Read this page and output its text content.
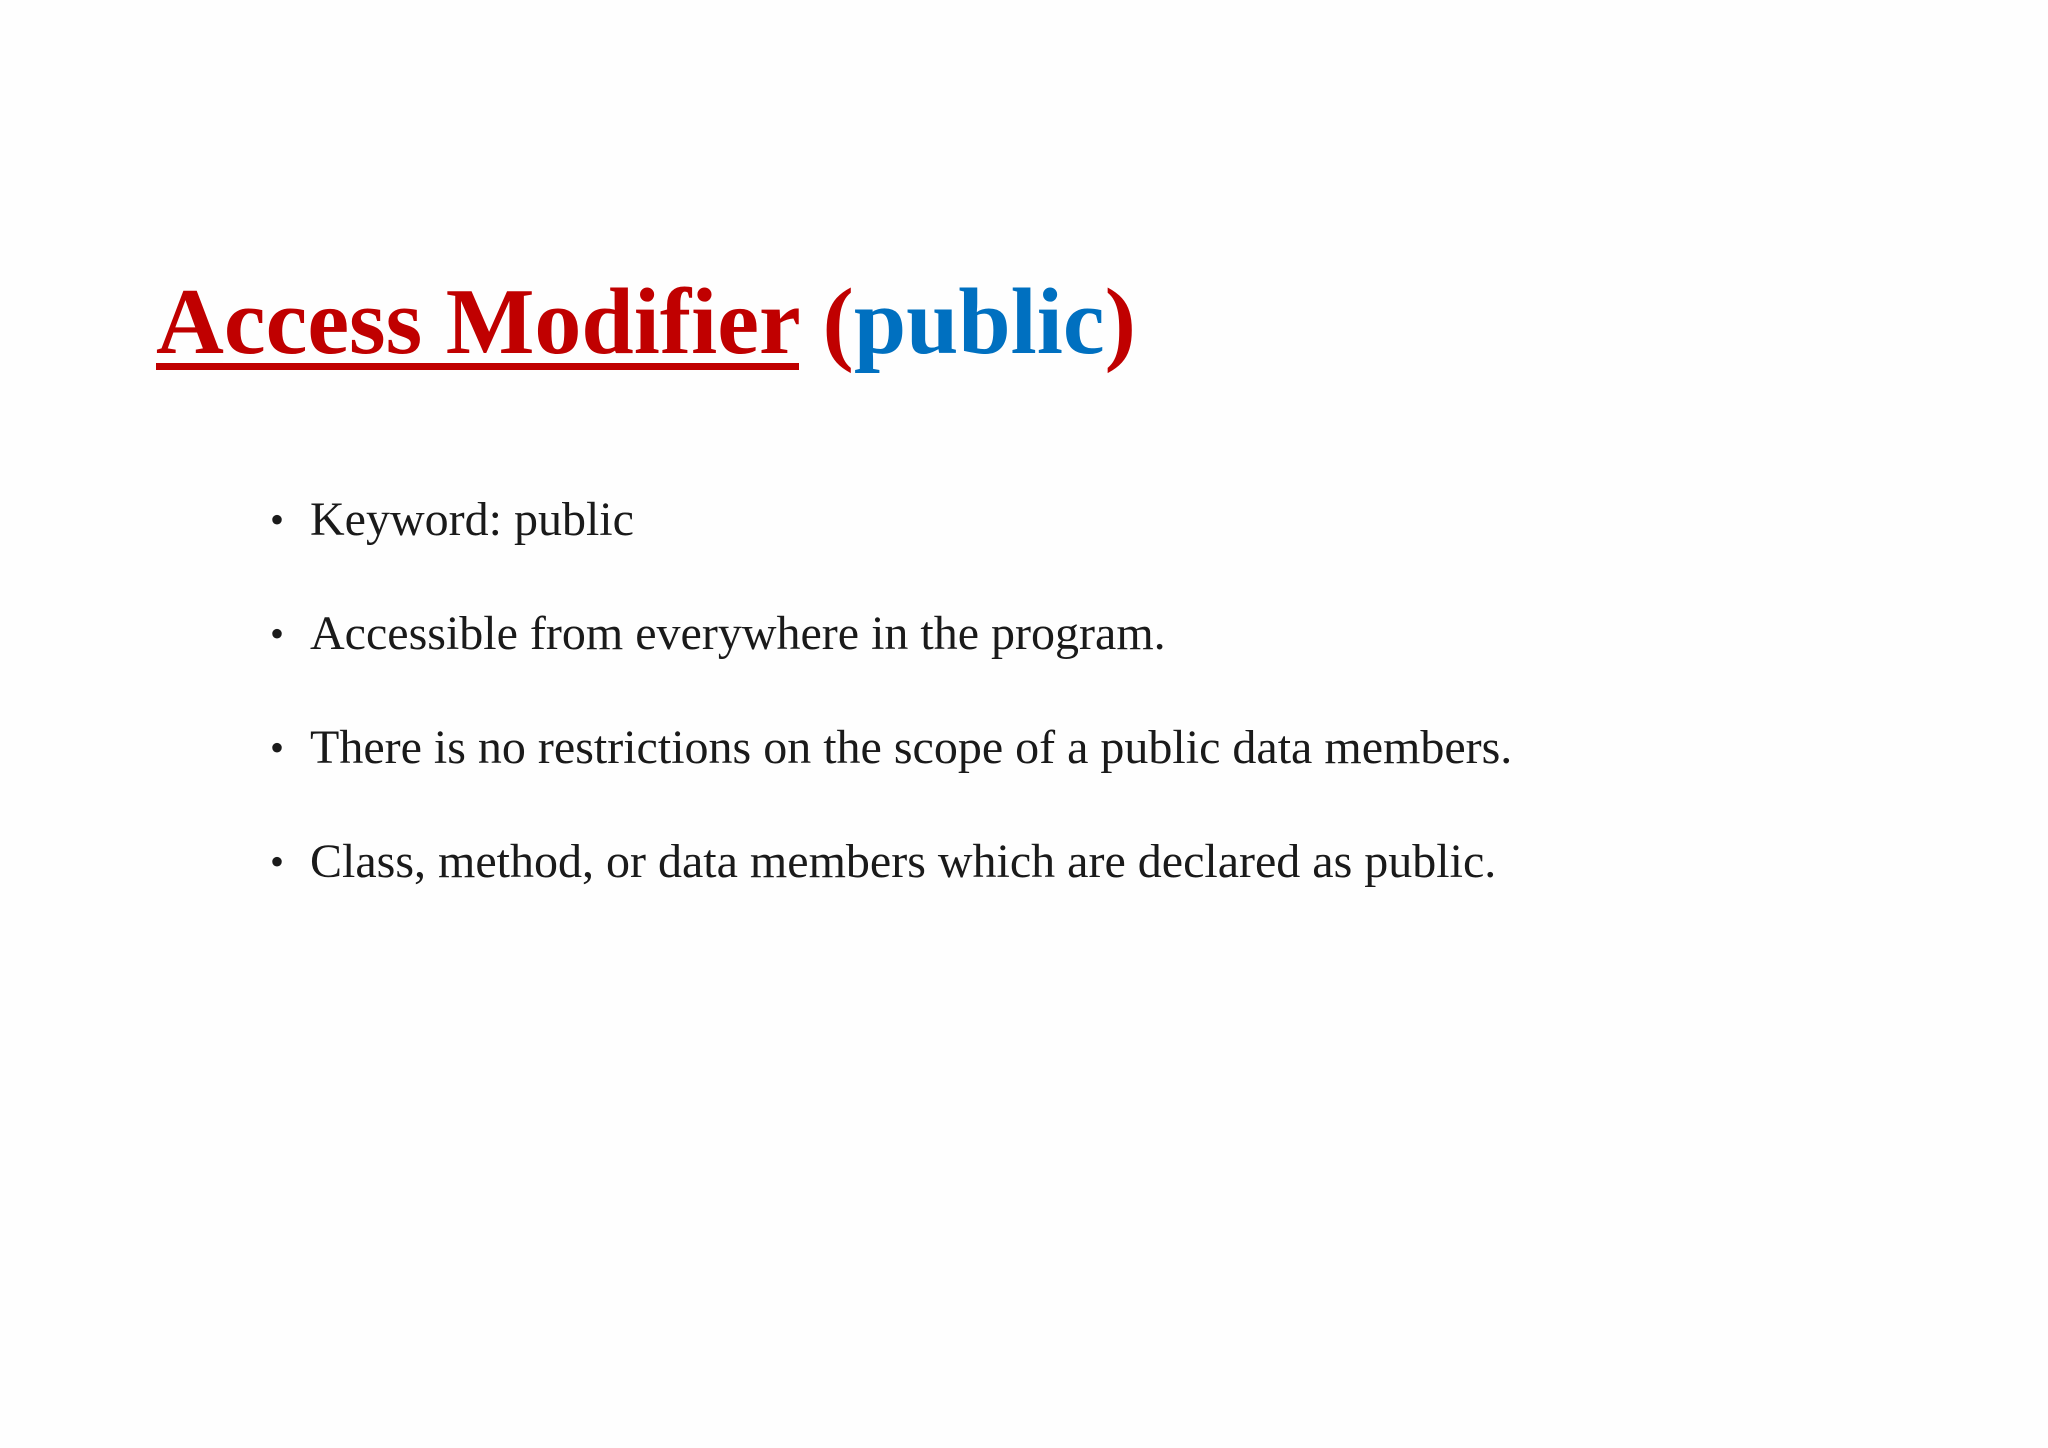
Access Modifier (public)
• Keyword: public
• Accessible from everywhere in the program.
• There is no restrictions on the scope of a public data members.
• Class, method, or data members which are declared as public.
